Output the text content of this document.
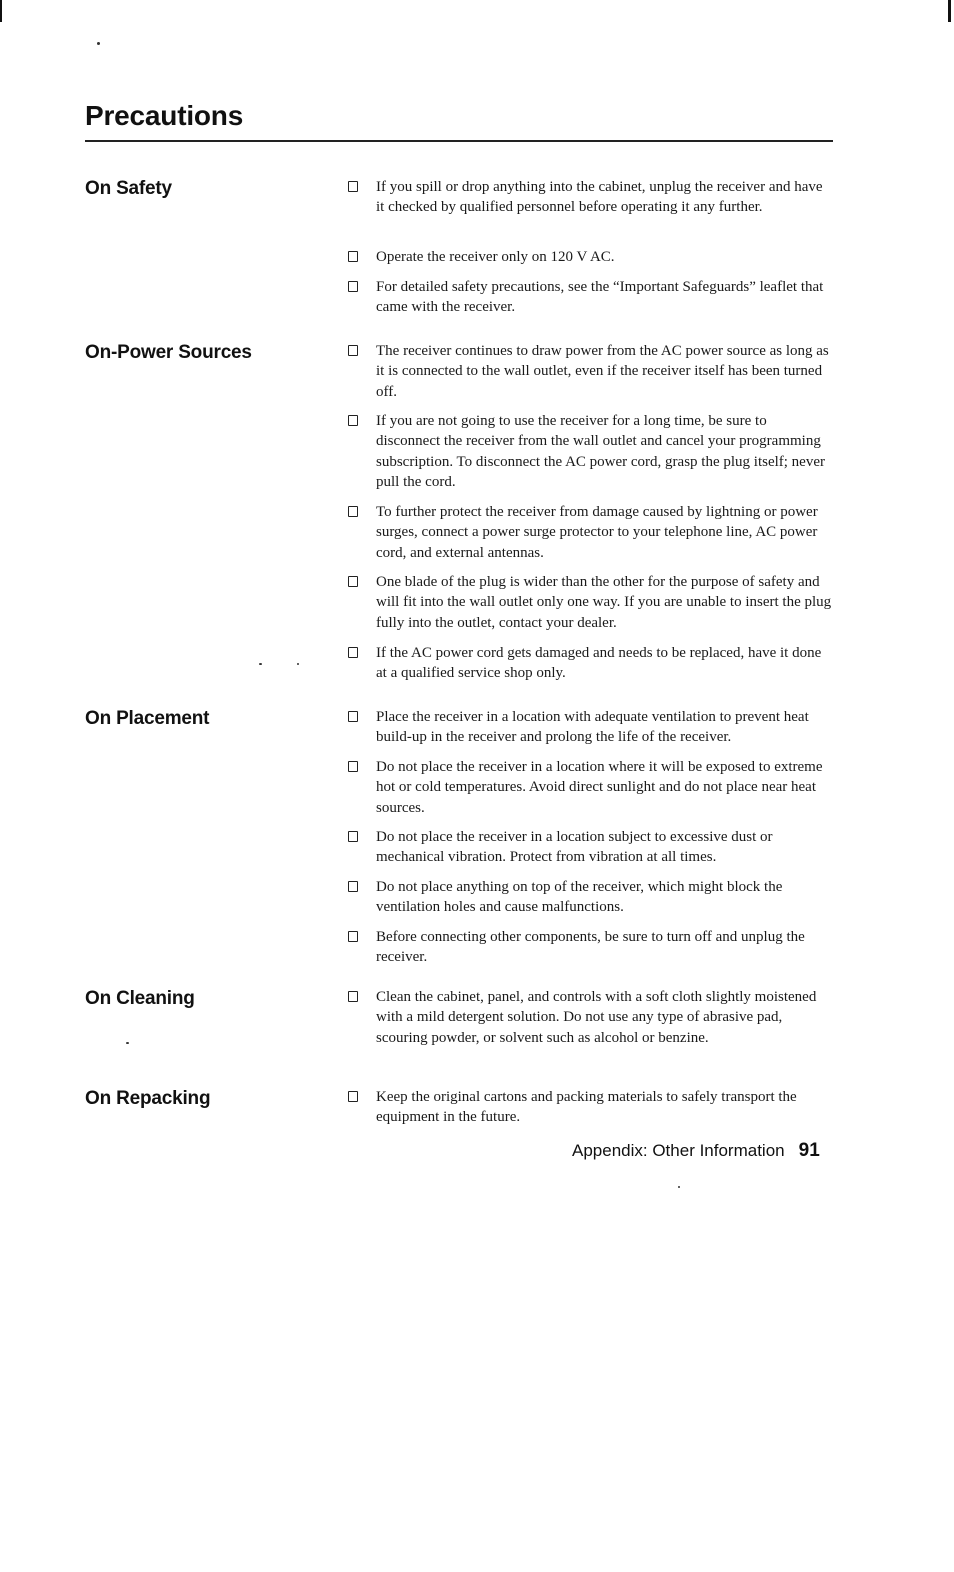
Precautions
On Safety	If you spill or drop anything into the cabinet, unplug the receiver and have it checked by qualified personnel before operating it any further.
Operate the receiver only on 120 V AC.
For detailed safety precautions, see the “Important Safeguards” leaflet that came with the receiver.
On-Power Sources	The receiver continues to draw power from the AC power source as long as it is connected to the wall outlet, even if the receiver itself has been turned off.
If you are not going to use the receiver for a long time, be sure to disconnect the receiver from the wall outlet and cancel your programming subscription. To disconnect the AC power cord, grasp the plug itself; never pull the cord.
To further protect the receiver from damage caused by lightning or power surges, connect a power surge protector to your telephone line, AC power cord, and external antennas.
One blade of the plug is wider than the other for the purpose of safety and will fit into the wall outlet only one way. If you are unable to insert the plug fully into the outlet, contact your dealer.
If the AC power cord gets damaged and needs to be replaced, have it done at a qualified service shop only.
On Placement	Place the receiver in a location with adequate ventilation to prevent heat build-up in the receiver and prolong the life of the receiver.
Do not place the receiver in a location where it will be exposed to extreme hot or cold temperatures. Avoid direct sunlight and do not place near heat sources.
Do not place the receiver in a location subject to excessive dust or mechanical vibration. Protect from vibration at all times.
Do not place anything on top of the receiver, which might block the ventilation holes and cause malfunctions.
Before connecting other components, be sure to turn off and unplug the receiver.
On Cleaning	Clean the cabinet, panel, and controls with a soft cloth slightly moistened with a mild detergent solution. Do not use any type of abrasive pad, scouring powder, or solvent such as alcohol or benzine.
On Repacking	Keep the original cartons and packing materials to safely transport the equipment in the future.
Appendix: Other Information 91
